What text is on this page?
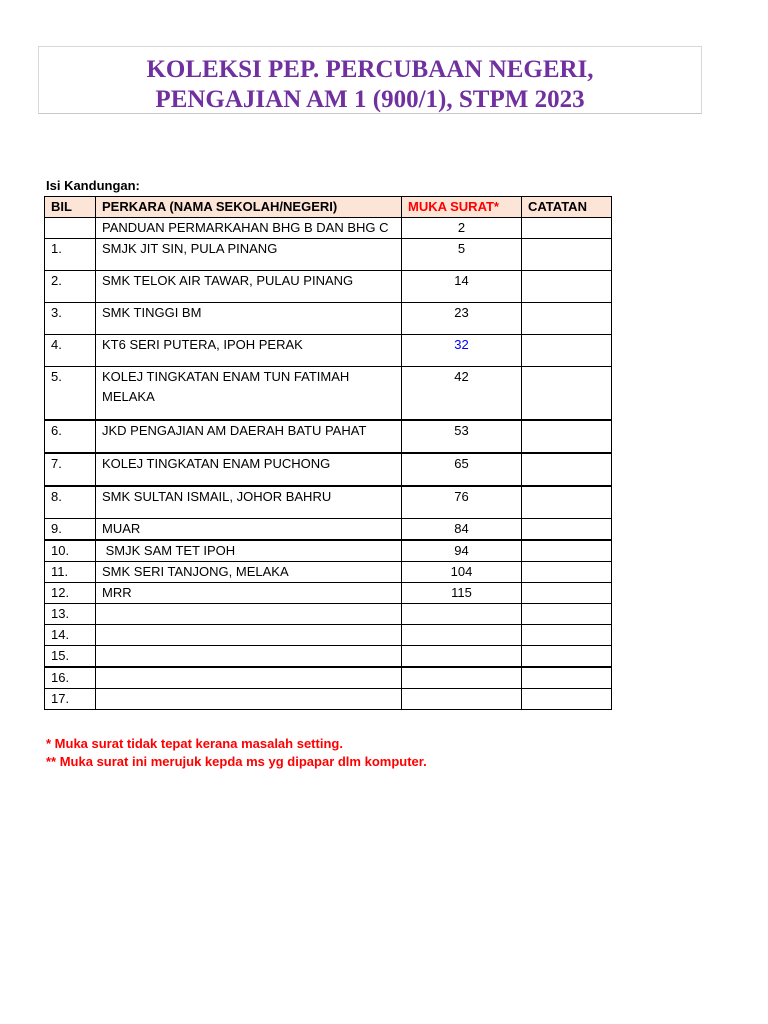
KOLEKSI PEP. PERCUBAAN NEGERI,
PENGAJIAN AM 1 (900/1), STPM 2023
Isi Kandungan:
BIL	PERKARA (NAMA SEKOLAH/NEGERI)	MUKA SURAT*	CATATAN
	PANDUAN PERMARKAHAN BHG B DAN BHG C	2	
1.	SMJK JIT SIN, PULA PINANG	5	
2.	SMK TELOK AIR TAWAR, PULAU PINANG	14	
3.	SMK TINGGI BM	23	
4.	KT6 SERI PUTERA, IPOH PERAK	32	
5.	KOLEJ TINGKATAN ENAM TUN FATIMAH MELAKA	42	
6.	JKD PENGAJIAN AM DAERAH BATU PAHAT	53	
7.	KOLEJ TINGKATAN ENAM PUCHONG	65	
8.	SMK SULTAN ISMAIL, JOHOR BAHRU	76	
9.	MUAR	84	
10.	SMJK SAM TET IPOH	94	
11.	SMK SERI TANJONG, MELAKA	104	
12.	MRR	115	
13.			
14.			
15.			
16.			
17.			
* Muka surat tidak tepat kerana masalah setting.
** Muka surat ini merujuk kepda ms yg dipapar dlm komputer.
